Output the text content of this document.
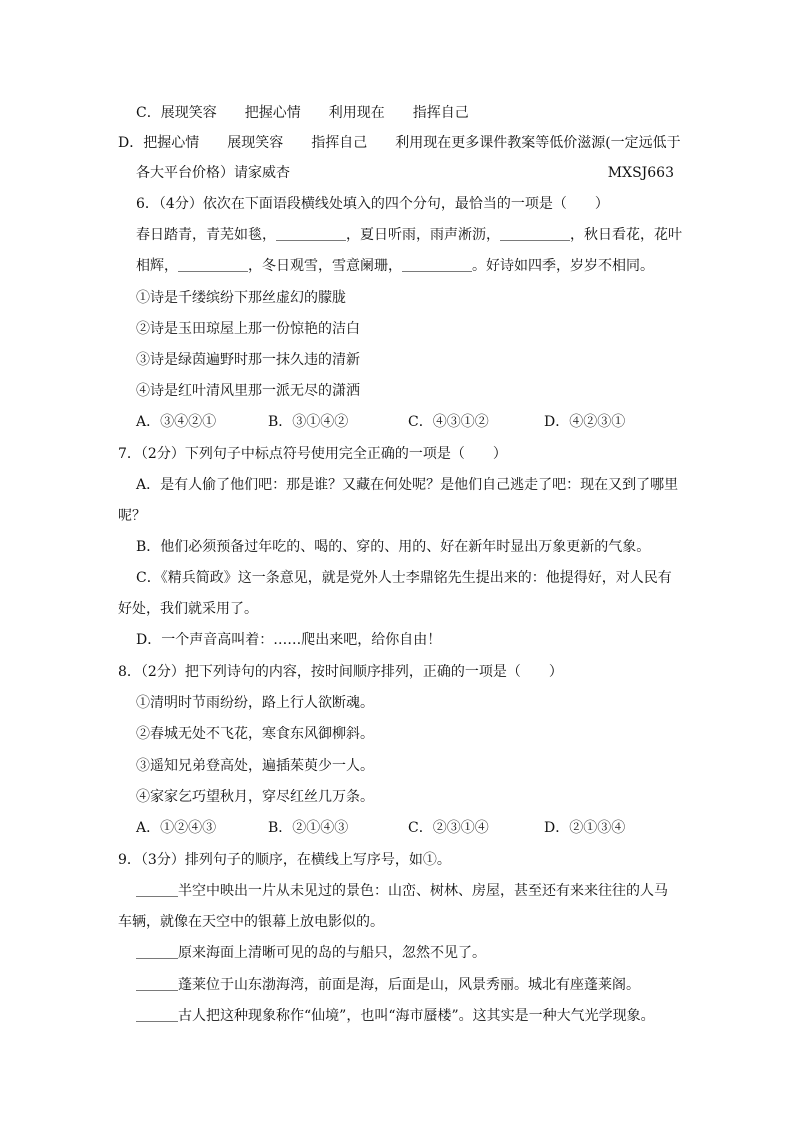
C．展现笑容　　把握心情　　利用现在　　指挥自己
D．把握心情　　展现笑容　　指挥自己　　利用现在更多课件教案等低价滋源(一定远低于
各 大 平 台 价 格 ） 请 家 威 杏	MXSJ663
6．（4分）依次在下面语段横线处填入的四个分句，最恰当的一项是（　　）
春日踏青，青芜如毯，＿＿＿＿＿，夏日听雨，雨声淅沥，＿＿＿＿＿，秋日看花，花叶
相辉，＿＿＿＿＿，冬日观雪，雪意阑珊，＿＿＿＿＿。好诗如四季，岁岁不相同。
①诗是千缕缤纷下那丝虚幻的朦胧
②诗是玉田琼屋上那一份惊艳的洁白
③诗是绿茵遍野时那一抹久违的清新
④诗是红叶清风里那一派无尽的潇洒
A．③④②①	B．③①④②	C．④③①②	D．④②③①
7．（2分）下列句子中标点符号使用完全正确的一项是（　　）
A．是有人偷了他们吧：那是谁？又藏在何处呢？是他们自己逃走了吧：现在又到了哪里
呢？
B．他们必须预备过年吃的、喝的、穿的、用的、好在新年时显出万象更新的气象。
C．《精兵简政》这一条意见，就是党外人士李鼎铭先生提出来的：他提得好，对人民有
好处，我们就采用了。
D．一个声音高叫着：……爬出来吧，给你自由！
8．（2分）把下列诗句的内容，按时间顺序排列，正确的一项是（　　）
①清明时节雨纷纷，路上行人欲断魂。
②春城无处不飞花，寒食东风御柳斜。
③遥知兄弟登高处，遍插茱萸少一人。
④家家乞巧望秋月，穿尽红丝几万条。
A．①②④③	B．②①④③	C．②③①④	D．②①③④
9．（3分）排列句子的顺序，在横线上写序号，如①。
＿＿＿半空中映出一片从未见过的景色：山峦、树林、房屋，甚至还有来来往往的人马
车辆，就像在天空中的银幕上放电影似的。
＿＿＿原来海面上清晰可见的岛的与船只，忽然不见了。
＿＿＿蓬莱位于山东渤海湾，前面是海，后面是山，风景秀丽。城北有座蓬莱阁。
＿＿＿古人把这种现象称作“仙境”，也叫“海市蜃楼”。这其实是一种大气光学现象。
